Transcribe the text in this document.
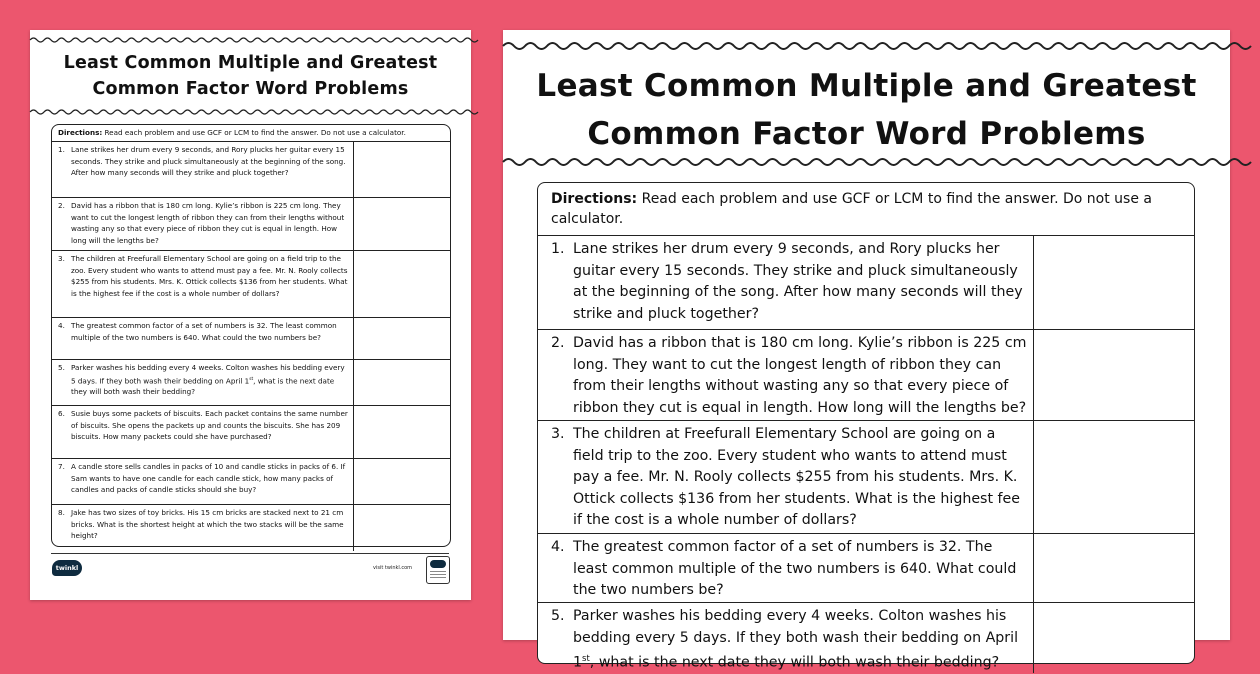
Least Common Multiple and Greatest
Common Factor Word Problems
Directions: Read each problem and use GCF or LCM to find the answer. Do not use a calculator.
1. Lane strikes her drum every 9 seconds, and Rory plucks her guitar every 15 seconds. They strike and pluck simultaneously at the beginning of the song. After how many seconds will they strike and pluck together?
2. David has a ribbon that is 180 cm long. Kylie’s ribbon is 225 cm long. They want to cut the longest length of ribbon they can from their lengths without wasting any so that every piece of ribbon they cut is equal in length. How long will the lengths be?
3. The children at Freefurall Elementary School are going on a field trip to the zoo. Every student who wants to attend must pay a fee. Mr. N. Rooly collects $255 from his students. Mrs. K. Ottick collects $136 from her students. What is the highest fee if the cost is a whole number of dollars?
4. The greatest common factor of a set of numbers is 32. The least common multiple of the two numbers is 640. What could the two numbers be?
5. Parker washes his bedding every 4 weeks. Colton washes his bedding every 5 days. If they both wash their bedding on April 1st, what is the next date they will both wash their bedding?
6. Susie buys some packets of biscuits. Each packet contains the same number of biscuits. She opens the packets up and counts the biscuits. She has 209 biscuits. How many packets could she have purchased?
7. A candle store sells candles in packs of 10 and candle sticks in packs of 6. If Sam wants to have one candle for each candle stick, how many packs of candles and packs of candle sticks should she buy?
8. Jake has two sizes of toy bricks. His 15 cm bricks are stacked next to 21 cm bricks. What is the shortest height at which the two stacks will be the same height?
twinkl	visit twinkl.com
Least Common Multiple and Greatest
Common Factor Word Problems
Directions: Read each problem and use GCF or LCM to find the answer. Do not use a calculator.
1. Lane strikes her drum every 9 seconds, and Rory plucks her guitar every 15 seconds. They strike and pluck simultaneously at the beginning of the song. After how many seconds will they strike and pluck together?
2. David has a ribbon that is 180 cm long. Kylie’s ribbon is 225 cm long. They want to cut the longest length of ribbon they can from their lengths without wasting any so that every piece of ribbon they cut is equal in length. How long will the lengths be?
3. The children at Freefurall Elementary School are going on a field trip to the zoo. Every student who wants to attend must pay a fee. Mr. N. Rooly collects $255 from his students. Mrs. K. Ottick collects $136 from her students. What is the highest fee if the cost is a whole number of dollars?
4. The greatest common factor of a set of numbers is 32. The least common multiple of the two numbers is 640. What could the two numbers be?
5. Parker washes his bedding every 4 weeks. Colton washes his bedding every 5 days. If they both wash their bedding on April 1st, what is the next date they will both wash their bedding?
